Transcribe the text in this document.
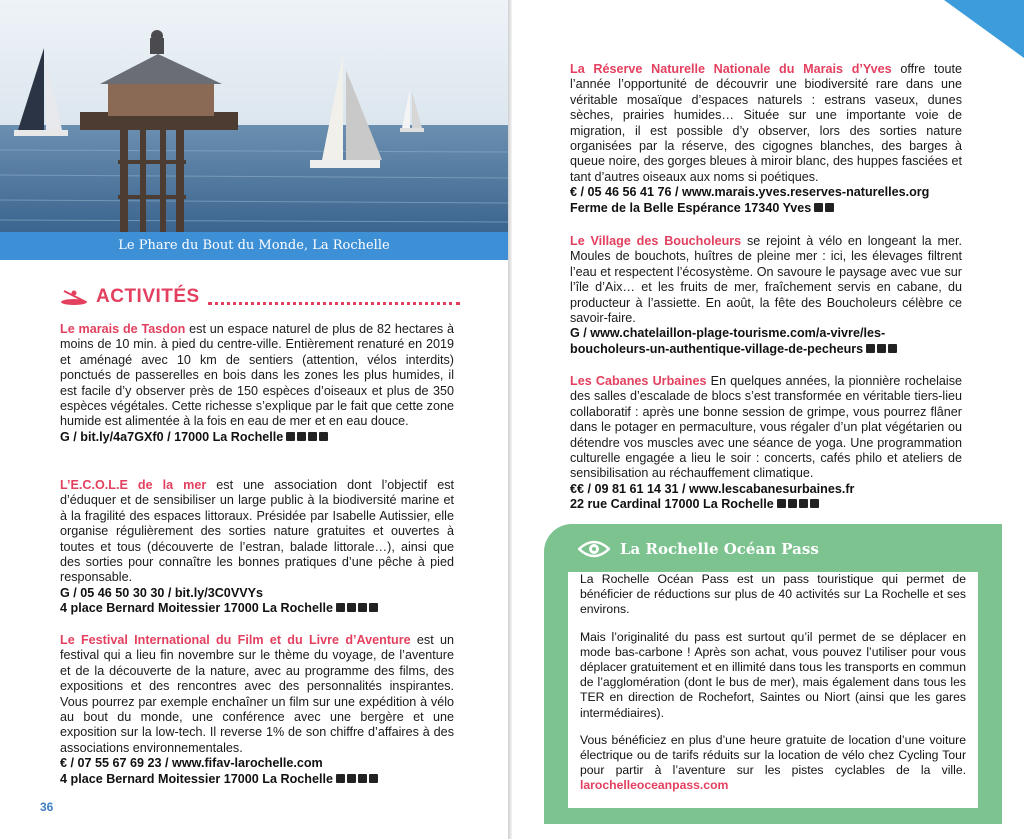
Le Phare du Bout du Monde, La Rochelle
ACTIVITÉS

Le marais de Tasdon est un espace naturel de plus de 82 hectares à moins de 10 min. à pied du centre-ville. Entièrement renaturé en 2019 et aménagé avec 10 km de sentiers (attention, vélos interdits) ponctués de passerelles en bois dans les zones les plus humides, il est facile d’y observer près de 150 espèces d’oiseaux et plus de 350 espèces végétales. Cette richesse s’explique par le fait que cette zone humide est alimentée à la fois en eau de mer et en eau douce.

G / bit.ly/4a7GXf0 / 17000 La Rochelle

L’E.C.O.L.E de la mer est une association dont l’objectif est d’éduquer et de sensibiliser un large public à la biodiversité marine et à la fragilité des espaces littoraux. Présidée par Isabelle Autissier, elle organise régulièrement des sorties nature gratuites et ouvertes à toutes et tous (découverte de l’estran, balade littorale…), ainsi que des sorties pour connaître les bonnes pratiques d’une pêche à pied responsable.

G / 05 46 50 30 30 / bit.ly/3C0VVYs
4 place Bernard Moitessier 17000 La Rochelle

Le Festival International du Film et du Livre d’Aventure est un festival qui a lieu fin novembre sur le thème du voyage, de l’aventure et de la découverte de la nature, avec au programme des films, des expositions et des rencontres avec des personnalités inspirantes. Vous pourrez par exemple enchaîner un film sur une expédition à vélo au bout du monde, une conférence avec une bergère et une exposition sur la low-tech. Il reverse 1% de son chiffre d’affaires à des associations environnementales.

€ / 07 55 67 69 23 / www.fifav-larochelle.com
4 place Bernard Moitessier 17000 La Rochelle
36

La Réserve Naturelle Nationale du Marais d’Yves offre toute l’année l’opportunité de découvrir une biodiversité rare dans une véritable mosaïque d’espaces naturels : estrans vaseux, dunes sèches, prairies humides… Située sur une importante voie de migration, il est possible d’y observer, lors des sorties nature organisées par la réserve, des cigognes blanches, des barges à queue noire, des gorges bleues à miroir blanc, des huppes fasciées et tant d’autres oiseaux aux noms si poétiques.

€ / 05 46 56 41 76 / www.marais.yves.reserves-naturelles.org
Ferme de la Belle Espérance 17340 Yves

Le Village des Boucholeurs se rejoint à vélo en longeant la mer. Moules de bouchots, huîtres de pleine mer : ici, les élevages filtrent l’eau et respectent l’écosystème. On savoure le paysage avec vue sur l’île d’Aix… et les fruits de mer, fraîchement servis en cabane, du producteur à l’assiette. En août, la fête des Boucholeurs célèbre ce savoir-faire.

G / www.chatelaillon-plage-tourisme.com/a-vivre/les-boucholeurs-un-authentique-village-de-pecheurs

Les Cabanes Urbaines En quelques années, la pionnière rochelaise des salles d’escalade de blocs s’est transformée en véritable tiers-lieu collaboratif : après une bonne session de grimpe, vous pourrez flâner dans le potager en permaculture, vous régaler d’un plat végétarien ou détendre vos muscles avec une séance de yoga. Une programmation culturelle engagée a lieu le soir : concerts, cafés philo et ateliers de sensibilisation au réchauffement climatique.

€€ / 09 81 61 14 31 / www.lescabanesurbaines.fr
22 rue Cardinal 17000 La Rochelle
La Rochelle Océan Pass

La Rochelle Océan Pass est un pass touristique qui permet de bénéficier de réductions sur plus de 40 activités sur La Rochelle et ses environs.

Mais l’originalité du pass est surtout qu’il permet de se déplacer en mode bas-carbone ! Après son achat, vous pouvez l’utiliser pour vous déplacer gratuitement et en illimité dans tous les transports en commun de l’agglomération (dont le bus de mer), mais également dans tous les TER en direction de Rochefort, Saintes ou Niort (ainsi que les gares intermédiaires).

Vous bénéficiez en plus d’une heure gratuite de location d’une voiture électrique ou de tarifs réduits sur la location de vélo chez Cycling Tour pour partir à l’aventure sur les pistes cyclables de la ville. larochelleoceanpass.com
